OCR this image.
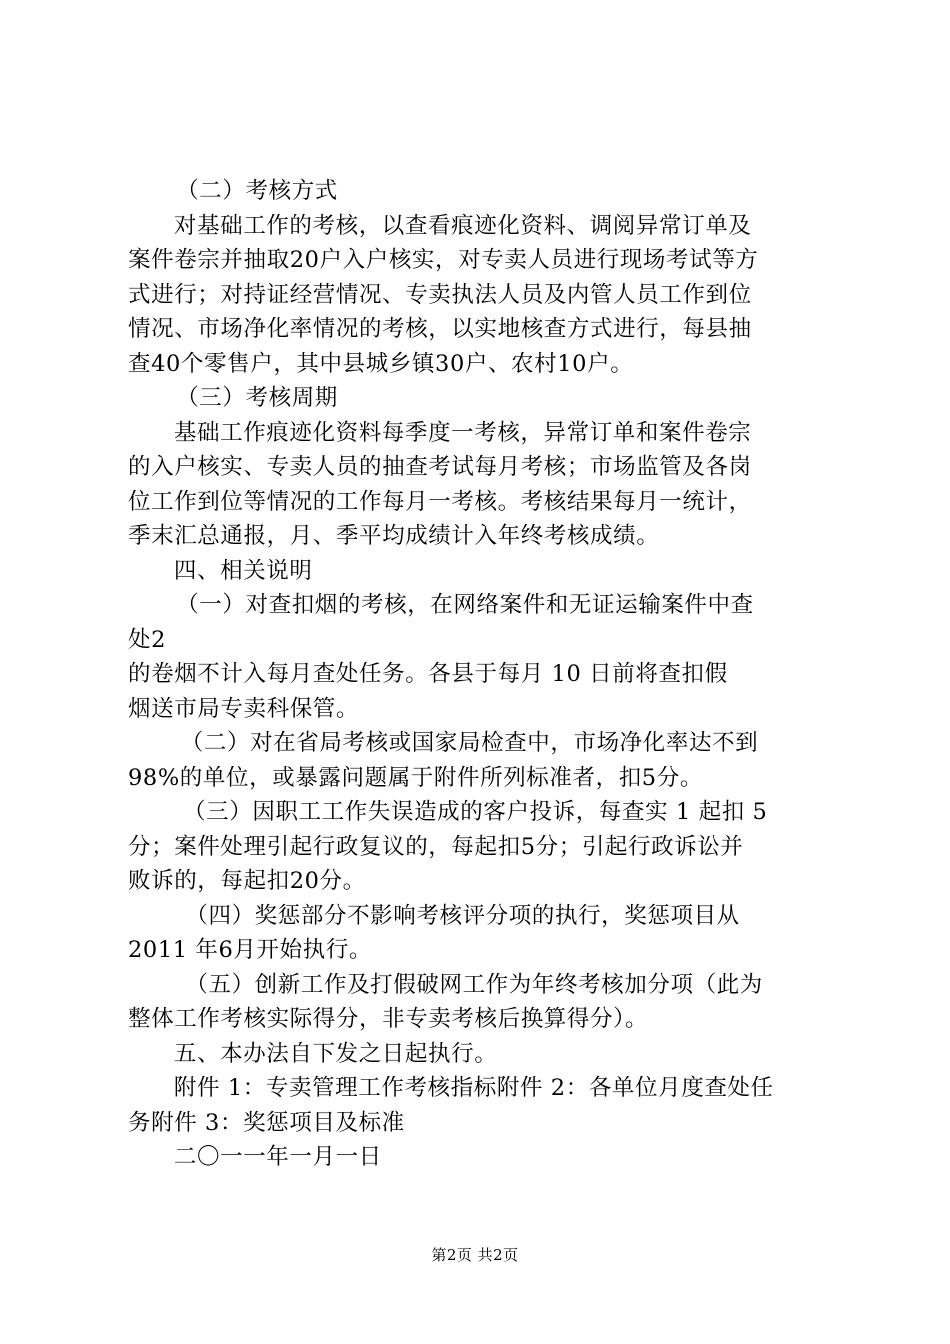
（二）考核方式
对基础工作的考核，以查看痕迹化资料、调阅异常订单及
案件卷宗并抽取20户入户核实，对专卖人员进行现场考试等方
式进行；对持证经营情况、专卖执法人员及内管人员工作到位
情况、市场净化率情况的考核，以实地核查方式进行，每县抽
查40个零售户，其中县城乡镇30户、农村10户。
（三）考核周期
基础工作痕迹化资料每季度一考核，异常订单和案件卷宗
的入户核实、专卖人员的抽查考试每月考核；市场监管及各岗
位工作到位等情况的工作每月一考核。考核结果每月一统计，
季末汇总通报，月、季平均成绩计入年终考核成绩。
四、相关说明
（一）对查扣烟的考核，在网络案件和无证运输案件中查
处2
的卷烟不计入每月查处任务。各县于每月 10 日前将查扣假
烟送市局专卖科保管。
（二）对在省局考核或国家局检查中，市场净化率达不到
98%的单位，或暴露问题属于附件所列标准者，扣5分。
（三）因职工工作失误造成的客户投诉，每查实 1 起扣 5
分；案件处理引起行政复议的，每起扣5分；引起行政诉讼并
败诉的，每起扣20分。
（四）奖惩部分不影响考核评分项的执行，奖惩项目从
2011 年6月开始执行。
（五）创新工作及打假破网工作为年终考核加分项（此为
整体工作考核实际得分，非专卖考核后换算得分）。
五、本办法自下发之日起执行。
附件 1：专卖管理工作考核指标附件 2：各单位月度查处任
务附件 3：奖惩项目及标准
二〇一一年一月一日
第2页 共2页
